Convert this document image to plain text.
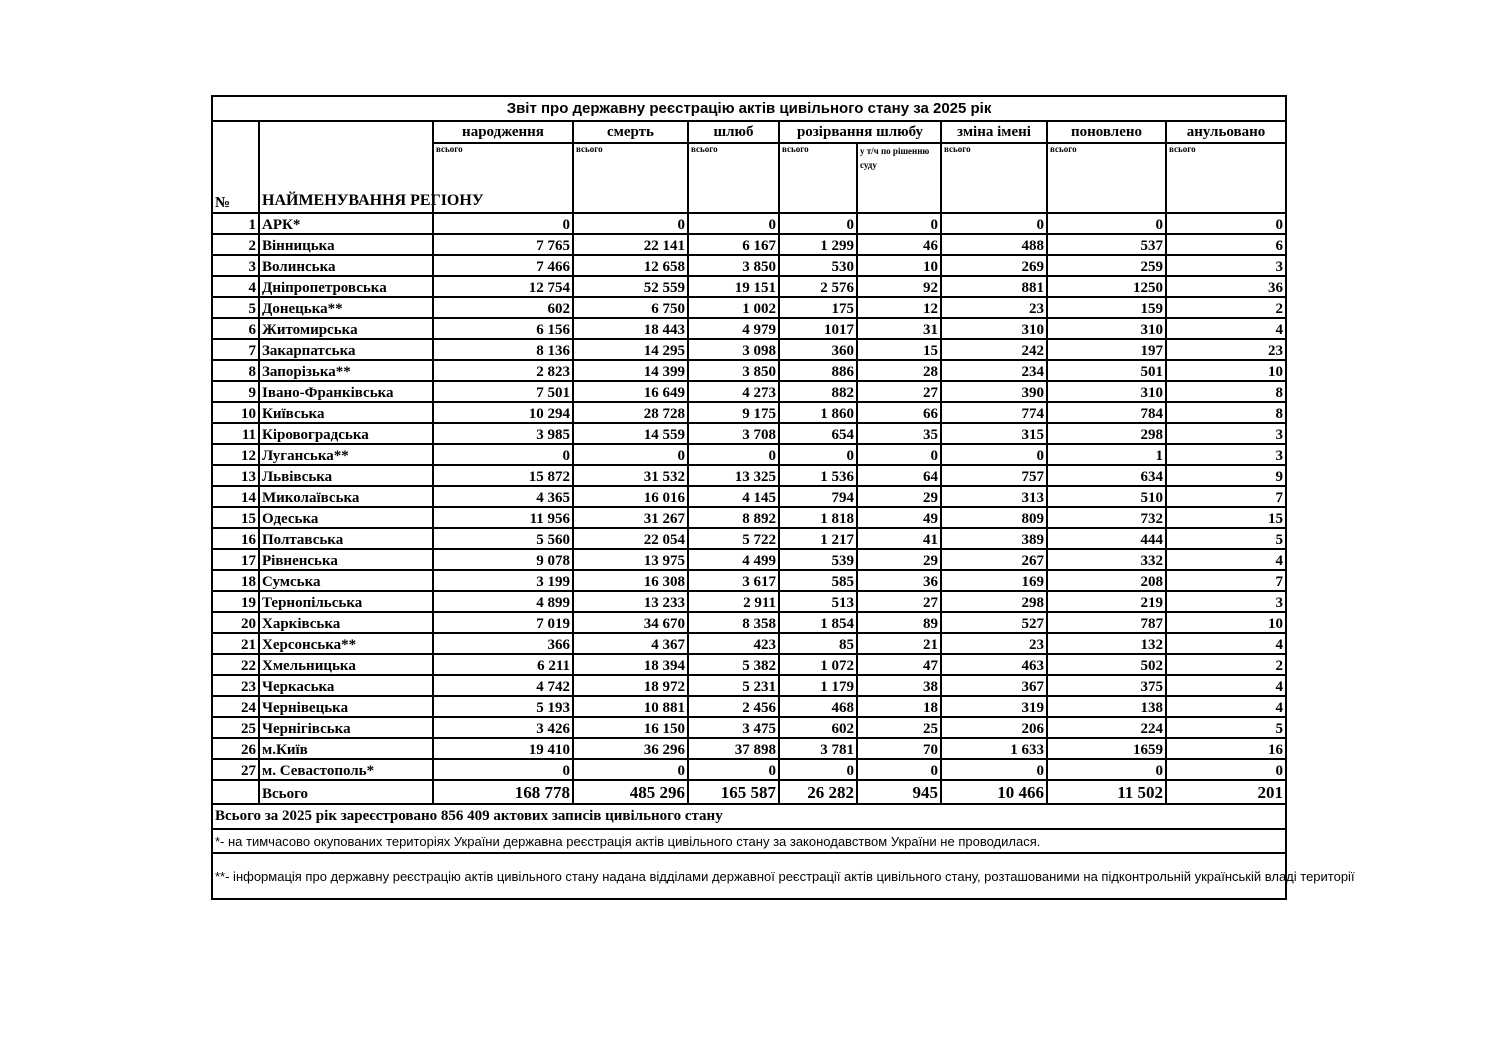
Звіт про державну реєстрацію актів цивільного стану за 2025 рік									
№	НАЙМЕНУВАННЯ РЕГІОНУ	народження	смерть	шлюб	розірвання шлюбу		зміна імені	поновлено	анульовано
		всього	всього	всього	всього	у т/ч по рішенню суду	всього	всього	всього
1	АРК*	0	0	0	0	0	0	0	0
2	Вінницька	7 765	22 141	6 167	1 299	46	488	537	6
3	Волинська	7 466	12 658	3 850	530	10	269	259	3
4	Дніпропетровська	12 754	52 559	19 151	2 576	92	881	1250	36
5	Донецька**	602	6 750	1 002	175	12	23	159	2
6	Житомирська	6 156	18 443	4 979	1017	31	310	310	4
7	Закарпатська	8 136	14 295	3 098	360	15	242	197	23
8	Запорізька**	2 823	14 399	3 850	886	28	234	501	10
9	Івано-Франківська	7 501	16 649	4 273	882	27	390	310	8
10	Київська	10 294	28 728	9 175	1 860	66	774	784	8
11	Кіровоградська	3 985	14 559	3 708	654	35	315	298	3
12	Луганська**	0	0	0	0	0	0	1	3
13	Львівська	15 872	31 532	13 325	1 536	64	757	634	9
14	Миколаївська	4 365	16 016	4 145	794	29	313	510	7
15	Одеська	11 956	31 267	8 892	1 818	49	809	732	15
16	Полтавська	5 560	22 054	5 722	1 217	41	389	444	5
17	Рівненська	9 078	13 975	4 499	539	29	267	332	4
18	Сумська	3 199	16 308	3 617	585	36	169	208	7
19	Тернопільська	4 899	13 233	2 911	513	27	298	219	3
20	Харківська	7 019	34 670	8 358	1 854	89	527	787	10
21	Херсонська**	366	4 367	423	85	21	23	132	4
22	Хмельницька	6 211	18 394	5 382	1 072	47	463	502	2
23	Черкаська	4 742	18 972	5 231	1 179	38	367	375	4
24	Чернівецька	5 193	10 881	2 456	468	18	319	138	4
25	Чернігівська	3 426	16 150	3 475	602	25	206	224	5
26	м.Київ	19 410	36 296	37 898	3 781	70	1 633	1659	16
27	м. Севастополь*	0	0	0	0	0	0	0	0
	Всього	168 778	485 296	165 587	26 282	945	10 466	11 502	201
Всього за 2025 рік зареєстровано 856 409 актових записів цивільного стану									
*- на тимчасово окупованих територіях України державна реєстрація актів цивільного стану за законодавством України не проводилася.									
**- інформація про державну реєстрацію актів цивільного стану надана відділами державної реєстрації актів цивільного стану, розташованими на підконтрольній українській владі території									
